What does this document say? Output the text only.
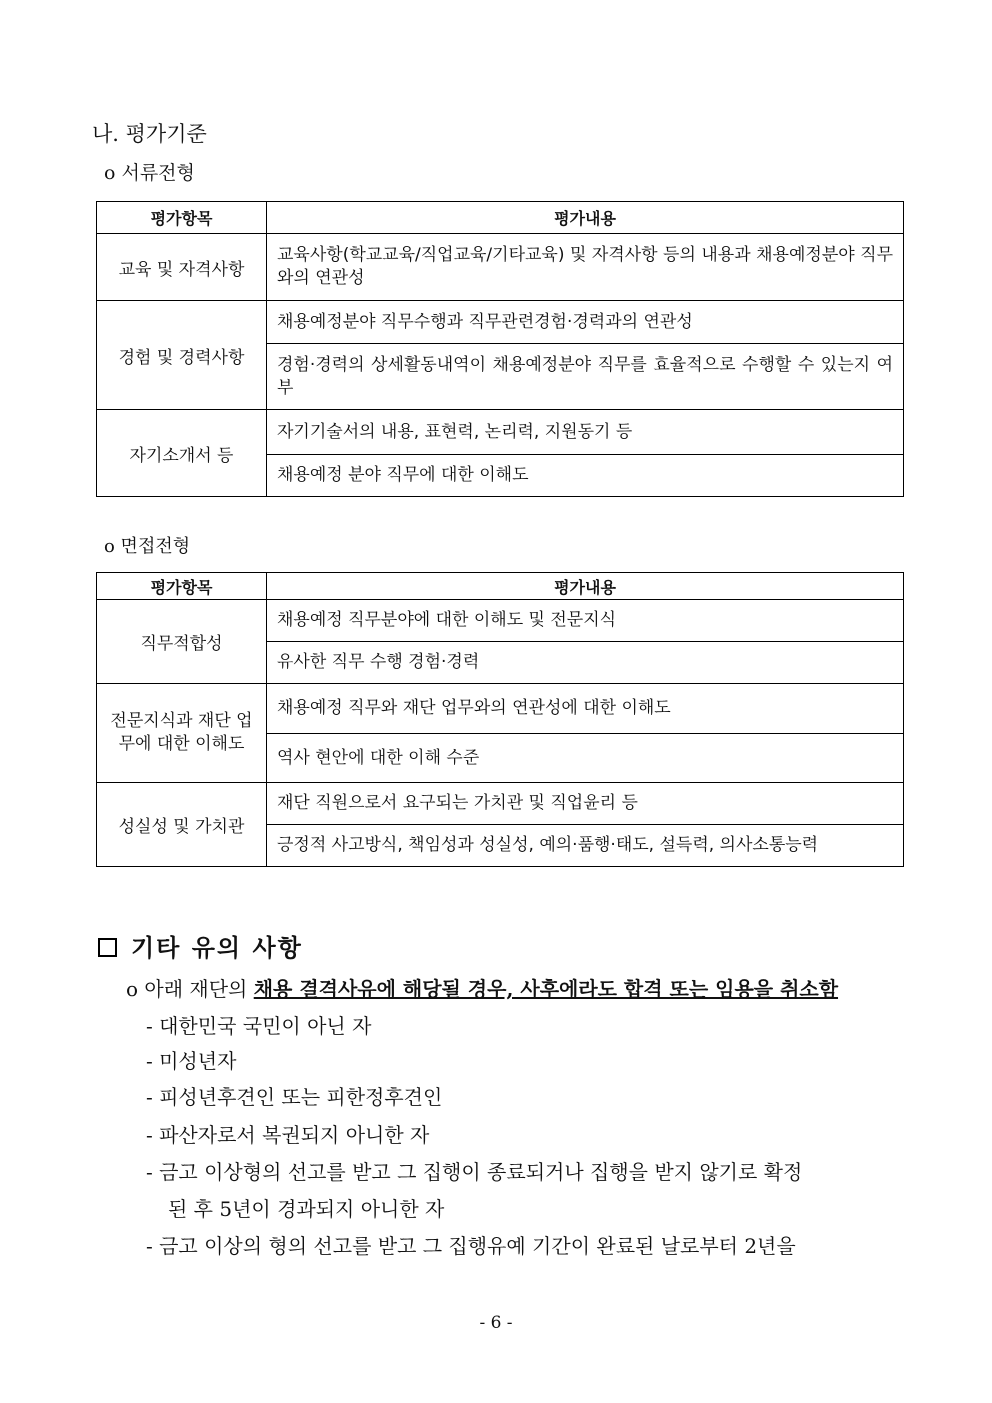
나. 평가기준
o 서류전형
평가항목	평가내용
교육 및 자격사항	교육사항(학교교육/직업교육/기타교육) 및 자격사항 등의 내용과 채용예정분야 직무와의 연관성
경험 및 경력사항	채용예정분야 직무수행과 직무관련경험·경력과의 연관성
	경험·경력의 상세활동내역이 채용예정분야 직무를 효율적으로 수행할 수 있는지 여부
자기소개서 등	자기기술서의 내용, 표현력, 논리력, 지원동기 등
	채용예정 분야 직무에 대한 이해도
o 면접전형
평가항목	평가내용
직무적합성	채용예정 직무분야에 대한 이해도 및 전문지식
	유사한 직무 수행 경험·경력
전문지식과 재단 업무에 대한 이해도	채용예정 직무와 재단 업무와의 연관성에 대한 이해도
	역사 현안에 대한 이해 수준
성실성 및 가치관	재단 직원으로서 요구되는 가치관 및 직업윤리 등
	긍정적 사고방식, 책임성과 성실성, 예의·품행·태도, 설득력, 의사소통능력
기타 유의 사항
o 아래 재단의 채용 결격사유에 해당될 경우, 사후에라도 합격 또는 임용을 취소함
- 대한민국 국민이 아닌 자
- 미성년자
- 피성년후견인 또는 피한정후견인
- 파산자로서 복권되지 아니한 자
- 금고 이상형의 선고를 받고 그 집행이 종료되거나 집행을 받지 않기로 확정
된 후 5년이 경과되지 아니한 자
- 금고 이상의 형의 선고를 받고 그 집행유예 기간이 완료된 날로부터 2년을
- 6 -
